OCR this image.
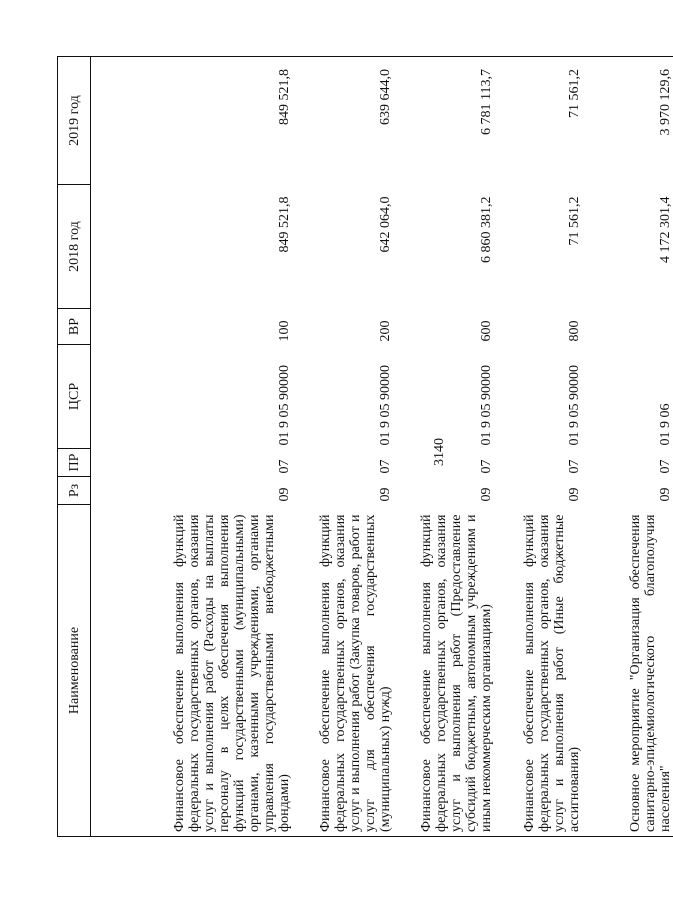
3140
Наименование	Рз	ПР	ЦСР	ВР	2018 год	2019 год
Финансовое обеспечение выполнения функций федеральных государственных органов, оказания услуг и выполнения работ (Расходы на выплаты персоналу в целях обеспечения выполнения функций государственными (муниципальными) органами, казенными учреждениями, органами управления государственными внебюджетными фондами)	09	07	01 9 05 90000	100	849 521,8	849 521,8
Финансовое обеспечение выполнения функций федеральных государственных органов, оказания услуг и выполнения работ (Закупка товаров, работ и услуг для обеспечения государственных (муниципальных) нужд)	09	07	01 9 05 90000	200	642 064,0	639 644,0
Финансовое обеспечение выполнения функций федеральных государственных органов, оказания услуг и выполнения работ (Предоставление субсидий бюджетным, автономным учреждениям и иным некоммерческим организациям)	09	07	01 9 05 90000	600	6 860 381,2	6 781 113,7
Финансовое обеспечение выполнения функций федеральных государственных органов, оказания услуг и выполнения работ (Иные бюджетные ассигнования)	09	07	01 9 05 90000	800	71 561,2	71 561,2
Основное мероприятие "Организация обеспечения санитарно-эпидемиологического благополучия населения"	09	07	01 9 06		4 172 301,4	3 970 129,6
